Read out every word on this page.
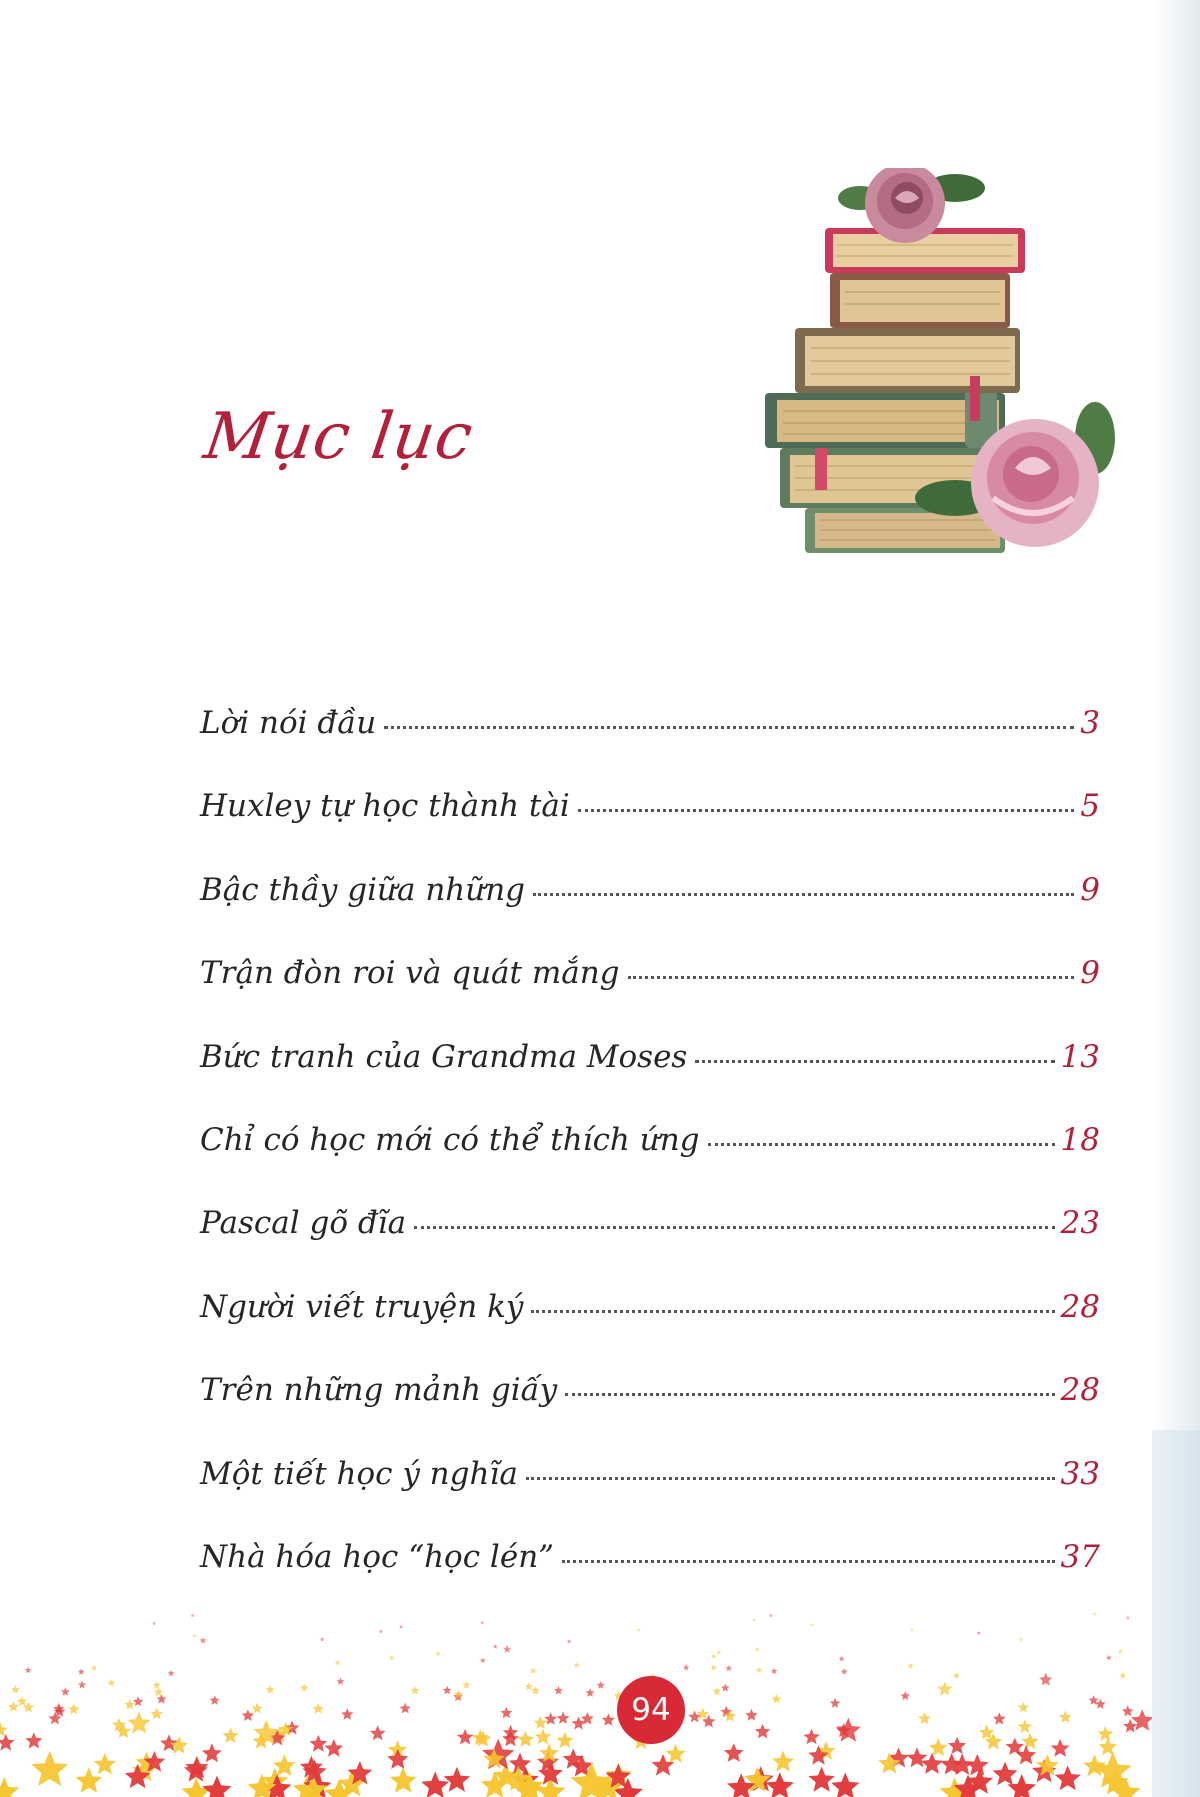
Mục lục
Lời nói đầu	3
Huxley tự học thành tài	5
Bậc thầy giữa những	9
Trận đòn roi và quát mắng	9
Bức tranh của Grandma Moses	13
Chỉ có học mới có thể thích ứng	18
Pascal gõ đĩa	23
Người viết truyện ký	28
Trên những mảnh giấy	28
Một tiết học ý nghĩa	33
Nhà hóa học “học lén”	37
94
